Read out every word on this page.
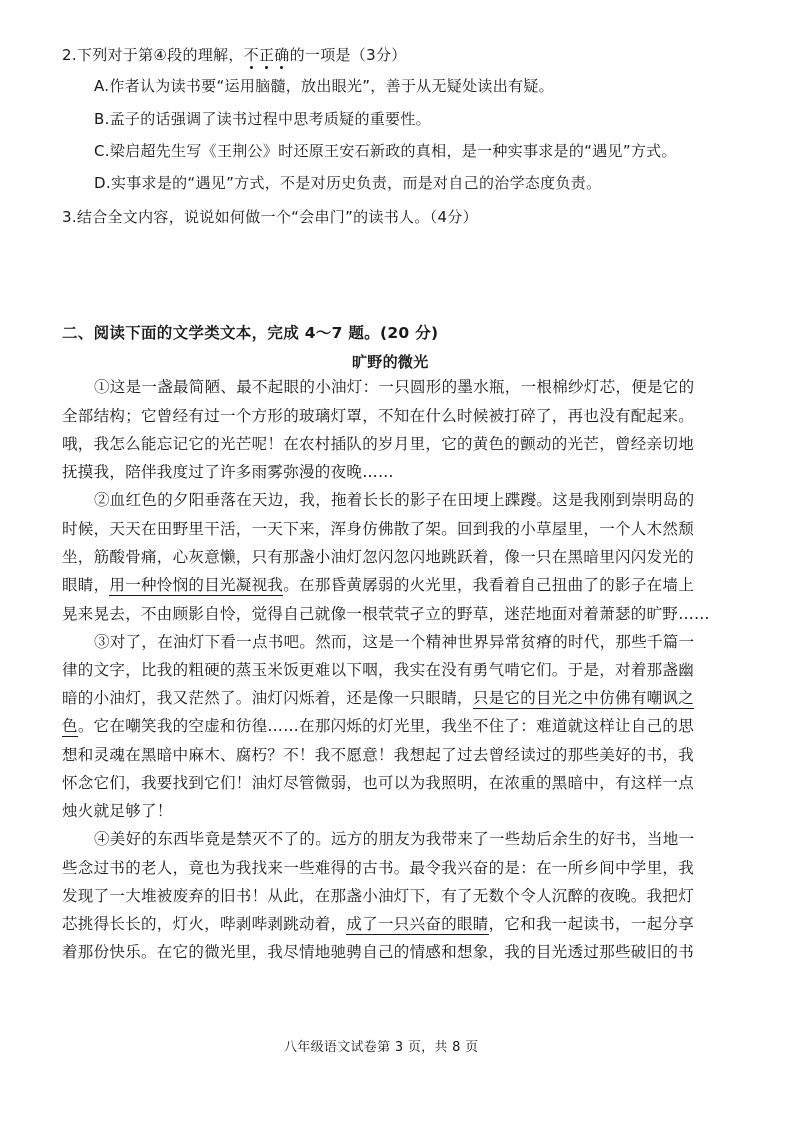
2.下列对于第④段的理解，不正确的一项是（3分）
A.作者认为读书要“运用脑髓，放出眼光”，善于从无疑处读出有疑。
B.孟子的话强调了读书过程中思考质疑的重要性。
C.梁启超先生写《王荆公》时还原王安石新政的真相，是一种实事求是的“遇见”方式。
D.实事求是的“遇见”方式，不是对历史负责，而是对自己的治学态度负责。
3.结合全文内容，说说如何做一个“会串门”的读书人。（4分）
二、阅读下面的文学类文本，完成 4～7 题。(20 分)
旷野的微光
①这是一盏最简陋、最不起眼的小油灯：一只圆形的墨水瓶，一根棉纱灯芯，便是它的
全部结构；它曾经有过一个方形的玻璃灯罩，不知在什么时候被打碎了，再也没有配起来。
哦，我怎么能忘记它的光芒呢！在农村插队的岁月里，它的黄色的颤动的光芒，曾经亲切地
抚摸我，陪伴我度过了许多雨雾弥漫的夜晚……
②血红色的夕阳垂落在天边，我，拖着长长的影子在田埂上蹀躞。这是我刚到崇明岛的
时候，天天在田野里干活，一天下来，浑身仿佛散了架。回到我的小草屋里，一个人木然颓
坐，筋酸骨痛，心灰意懒，只有那盏小油灯忽闪忽闪地跳跃着，像一只在黑暗里闪闪发光的
眼睛，用一种怜悯的目光凝视我。在那昏黄孱弱的火光里，我看着自己扭曲了的影子在墙上
晃来晃去，不由顾影自怜，觉得自己就像一根茕茕孑立的野草，迷茫地面对着萧瑟的旷野……
③对了，在油灯下看一点书吧。然而，这是一个精神世界异常贫瘠的时代，那些千篇一
律的文字，比我的粗硬的蒸玉米饭更难以下咽，我实在没有勇气啃它们。于是，对着那盏幽
暗的小油灯，我又茫然了。油灯闪烁着，还是像一只眼睛，只是它的目光之中仿佛有嘲讽之
色。它在嘲笑我的空虚和彷徨……在那闪烁的灯光里，我坐不住了：难道就这样让自己的思
想和灵魂在黑暗中麻木、腐朽？不！我不愿意！我想起了过去曾经读过的那些美好的书，我
怀念它们，我要找到它们！油灯尽管微弱，也可以为我照明，在浓重的黑暗中，有这样一点
烛火就足够了！
④美好的东西毕竟是禁灭不了的。远方的朋友为我带来了一些劫后余生的好书，当地一
些念过书的老人，竟也为我找来一些难得的古书。最令我兴奋的是：在一所乡间中学里，我
发现了一大堆被废弃的旧书！从此，在那盏小油灯下，有了无数个令人沉醉的夜晚。我把灯
芯挑得长长的，灯火，哔剥哔剥跳动着，成了一只兴奋的眼睛，它和我一起读书，一起分享
着那份快乐。在它的微光里，我尽情地驰骋自己的情感和想象，我的目光透过那些破旧的书
八年级语文试卷第 3 页，共 8 页
